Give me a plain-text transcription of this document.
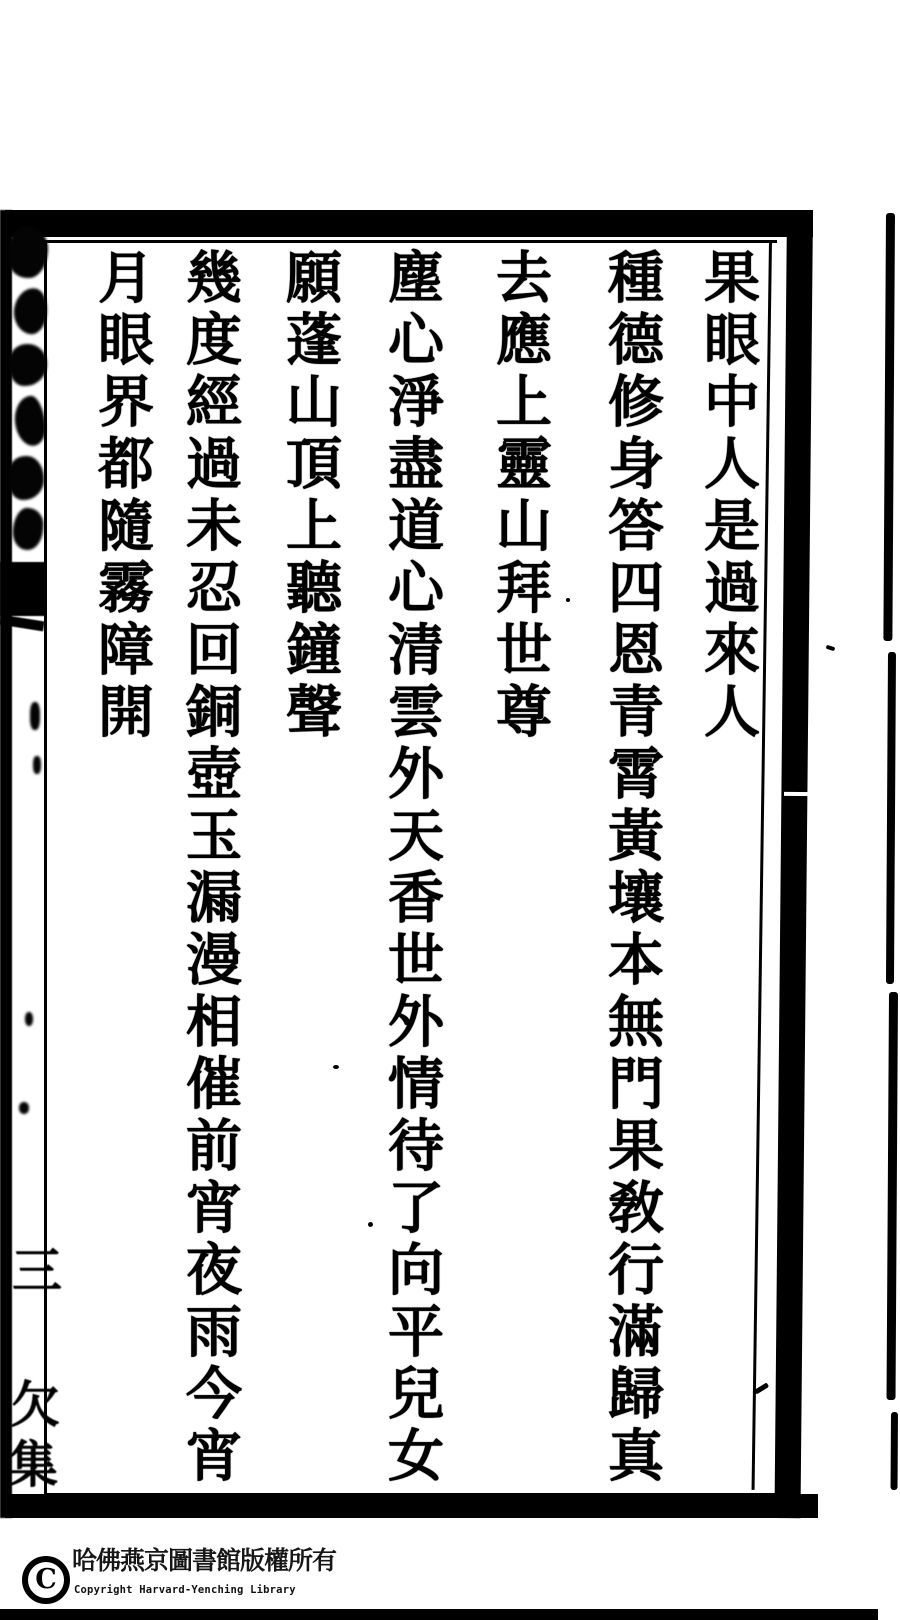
三
欠
集
果眼中人是過來人
種德修身答四恩青霄黃壤本無門果敎行滿歸真
去應上靈山拜世尊
塵心淨盡道心清雲外天香世外情待了向平兒女
願蓬山頂上聽鐘聲
幾度經過未忍回銅壺玉漏漫相催前宵夜雨今宵
月眼界都隨霧障開
C
哈佛燕京圖書館版權所有
Copyright Harvard-Yenching Library
